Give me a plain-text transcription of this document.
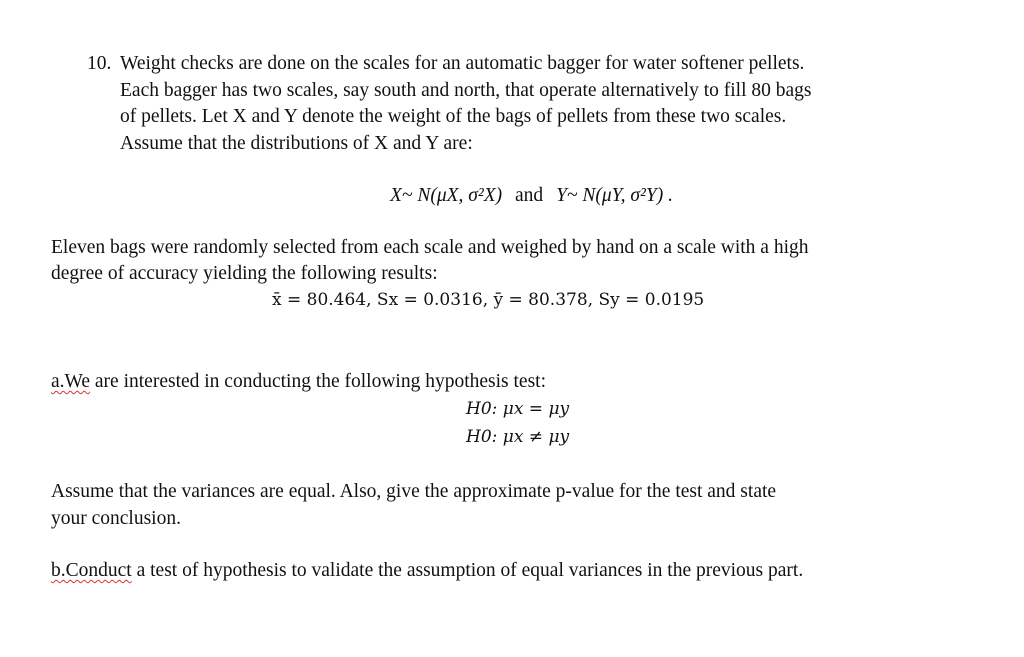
10. Weight checks are done on the scales for an automatic bagger for water softener pellets.
Each bagger has two scales, say south and north, that operate alternatively to fill 80 bags
of pellets. Let X and Y denote the weight of the bags of pellets from these two scales.
Assume that the distributions of X and Y are:
X~ N(μX, σ²X) and Y~ N(μY, σ²Y) .
Eleven bags were randomly selected from each scale and weighed by hand on a scale with a high
degree of accuracy yielding the following results:
x̄ = 80.464, Sx = 0.0316, ȳ = 80.378, Sy = 0.0195
a.We are interested in conducting the following hypothesis test:
H0: μx = μy
H0: μx ≠ μy
Assume that the variances are equal. Also, give the approximate p-value for the test and state
your conclusion.
b.Conduct a test of hypothesis to validate the assumption of equal variances in the previous part.
